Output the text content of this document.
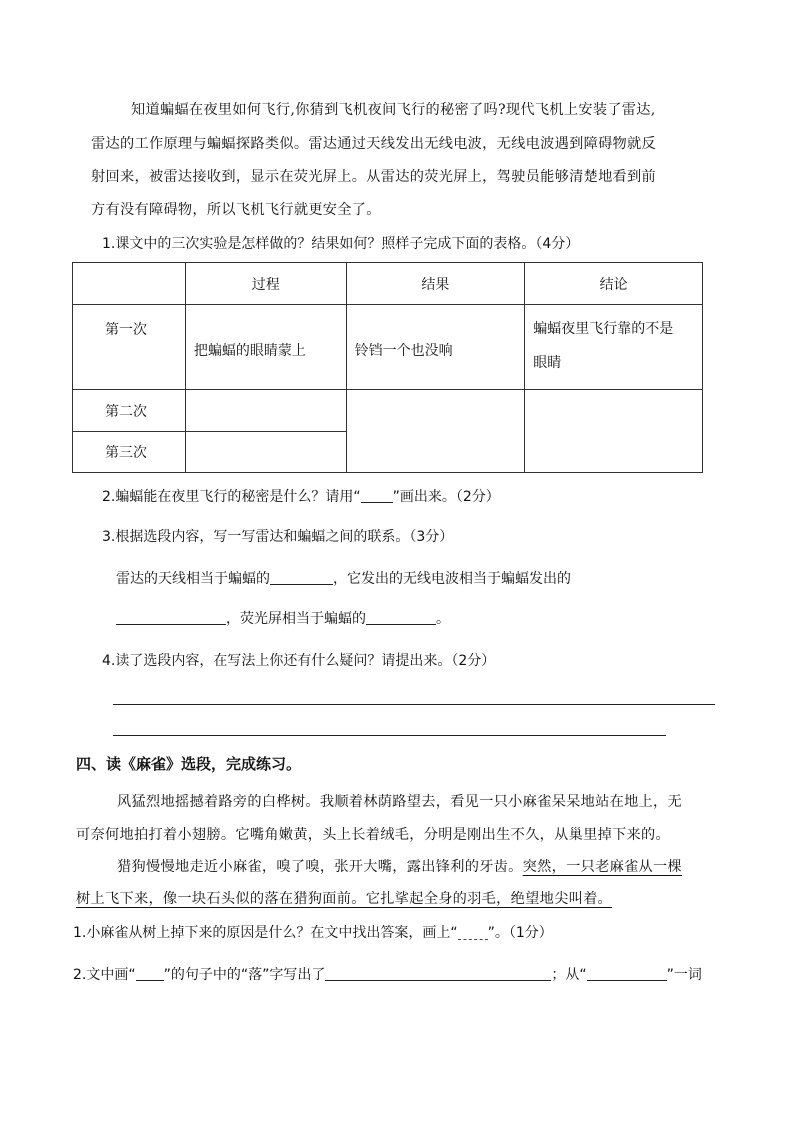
知道蝙蝠在夜里如何飞行,你猜到飞机夜间飞行的秘密了吗?现代飞机上安装了雷达,
雷达的工作原理与蝙蝠探路类似。雷达通过天线发出无线电波，无线电波遇到障碍物就反
射回来，被雷达接收到，显示在荧光屏上。从雷达的荧光屏上，驾驶员能够清楚地看到前
方有没有障碍物，所以飞机飞行就更安全了。
1.课文中的三次实验是怎样做的？结果如何？照样子完成下面的表格。（4分）
	过程	结果	结论
第一次	把蝙蝠的眼睛蒙上	铃铛一个也没响	蝙蝠夜里飞行靠的不是
眼睛

第二次			
第三次			
2.蝙蝠能在夜里飞行的秘密是什么？请用“ ”画出来。（2分）
3.根据选段内容，写一写雷达和蝙蝠之间的联系。（3分）
雷达的天线相当于蝙蝠的	，它发出的无线电波相当于蝙蝠发出的
，荧光屏相当于蝙蝠的	。
4.读了选段内容，在写法上你还有什么疑问？请提出来。（2分）
四、读《麻雀》选段，完成练习。
风猛烈地摇撼着路旁的白桦树。我顺着林荫路望去，看见一只小麻雀呆呆地站在地上，无
可奈何地拍打着小翅膀。它嘴角嫩黄，头上长着绒毛，分明是刚出生不久，从巢里掉下来的。
猎狗慢慢地走近小麻雀，嗅了嗅，张开大嘴，露出锋利的牙齿。突然，一只老麻雀从一棵
树上飞下来，像一块石头似的落在猎狗面前。它扎挲起全身的羽毛，绝望地尖叫着。
1.小麻雀从树上掉下来的原因是什么？在文中找出答案，画上“ ”。（1分）
2.文中画“ ”的句子中的“落”字写出了	；从“	”一词
